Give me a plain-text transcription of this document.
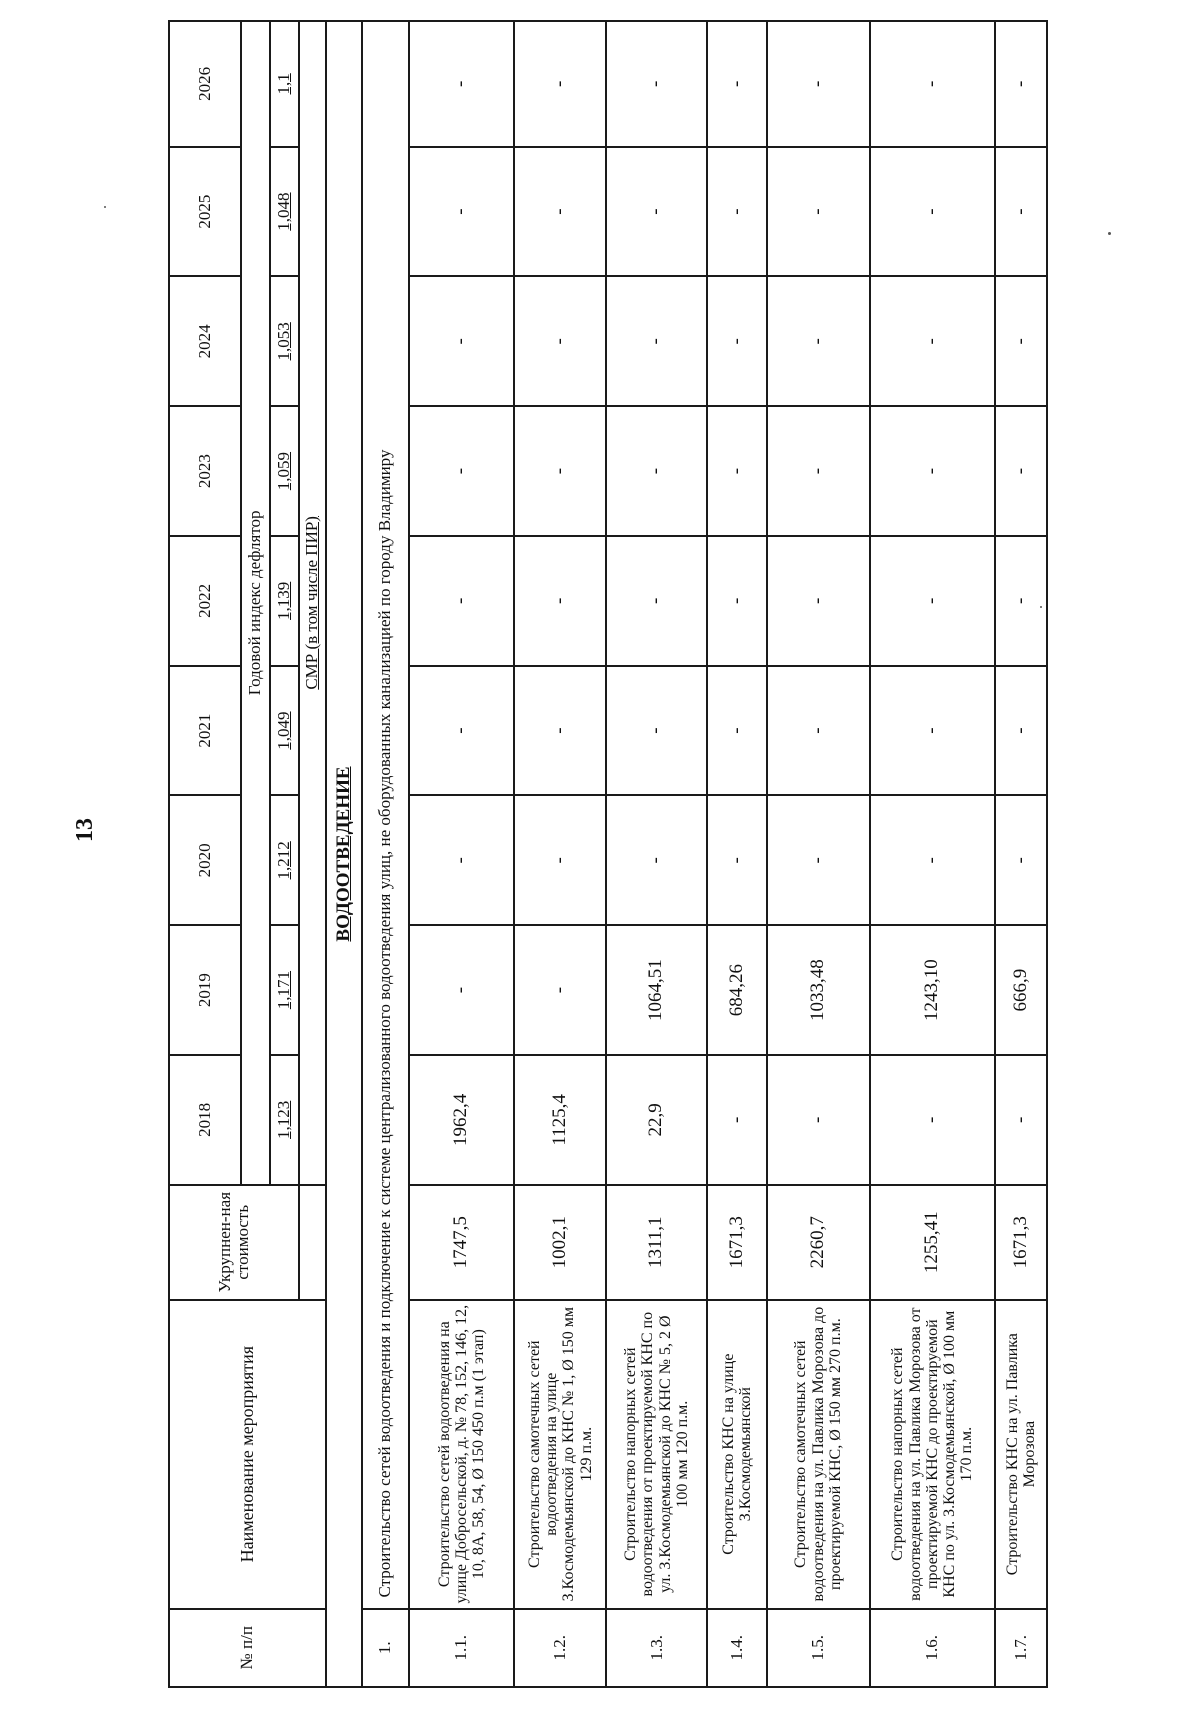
13
№ п/п	Наименование мероприятия	Укрупнен-ная стоимость	2018	2019	2020	2021	2022	2023	2024	2025	2026
			Годовой индекс дефлятор								
			1,123	1,171	1,212	1,049	1,139	1,059	1,053	1,048	1,1
			СМР (в том числе ПИР)								
ВОДООТВЕДЕНИЕ											
1.	Строительство сетей водоотведения и подключение к системе централизованного водоотведения улиц, не оборудованных канализацией по городу Владимиру										
1.1.	Строительство сетей водоотведения на улице Добросельской, д. № 78, 152, 146, 12, 10, 8А, 58, 54, Ø 150 450 п.м (1 этап)	1747,5	1962,4	-	-	-	-	-	-	-	-
1.2.	Строительство самотечных сетей водоотведения на улице З.Космодемьянской до КНС № 1, Ø 150 мм 129 п.м.	1002,1	1125,4	-	-	-	-	-	-	-	-
1.3.	Строительство напорных сетей водоотведения от проектируемой КНС по ул. З.Космодемьянской до КНС № 5, 2 Ø 100 мм 120 п.м.	1311,1	22,9	1064,51	-	-	-	-	-	-	-
1.4.	Строительство КНС на улице З.Космодемьянской	1671,3	-	684,26	-	-	-	-	-	-	-
1.5.	Строительство самотечных сетей водоотведения на ул. Павлика Морозова до проектируемой КНС, Ø 150 мм 270 п.м.	2260,7	-	1033,48	-	-	-	-	-	-	-
1.6.	Строительство напорных сетей водоотведения на ул. Павлика Морозова от проектируемой КНС до проектируемой КНС по ул. З.Космодемьянской, Ø 100 мм 170 п.м.	1255,41	-	1243,10	-	-	-	-	-	-	-
1.7.	Строительство КНС на ул. Павлика Морозова	1671,3	-	666,9	-	-	-	-	-	-	-
